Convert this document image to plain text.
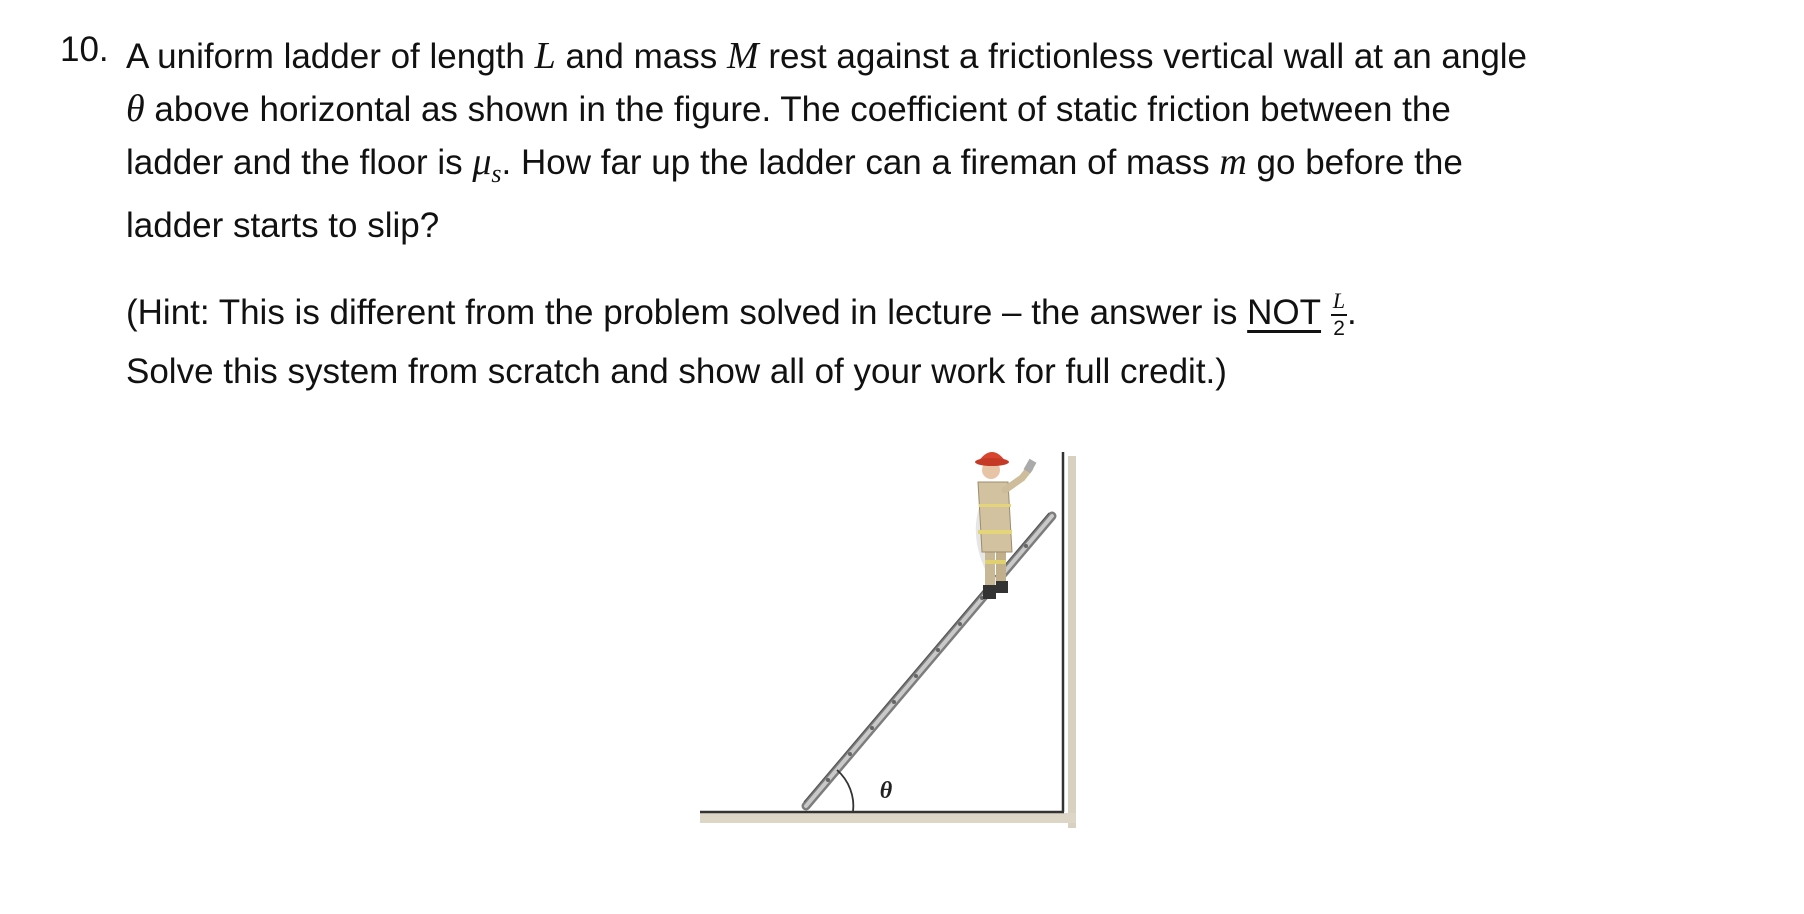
10. A uniform ladder of length L and mass M rest against a frictionless vertical wall at an angle
θ above horizontal as shown in the figure. The coefficient of static friction between the
ladder and the floor is $\mu_s$. How far up the ladder can a fireman of mass m go before the
ladder starts to slip?
(Hint: This is different from the problem solved in lecture – the answer is NOT $\frac{L}{2}$ .
Solve this system from scratch and show all of your work for full credit.)
θ
